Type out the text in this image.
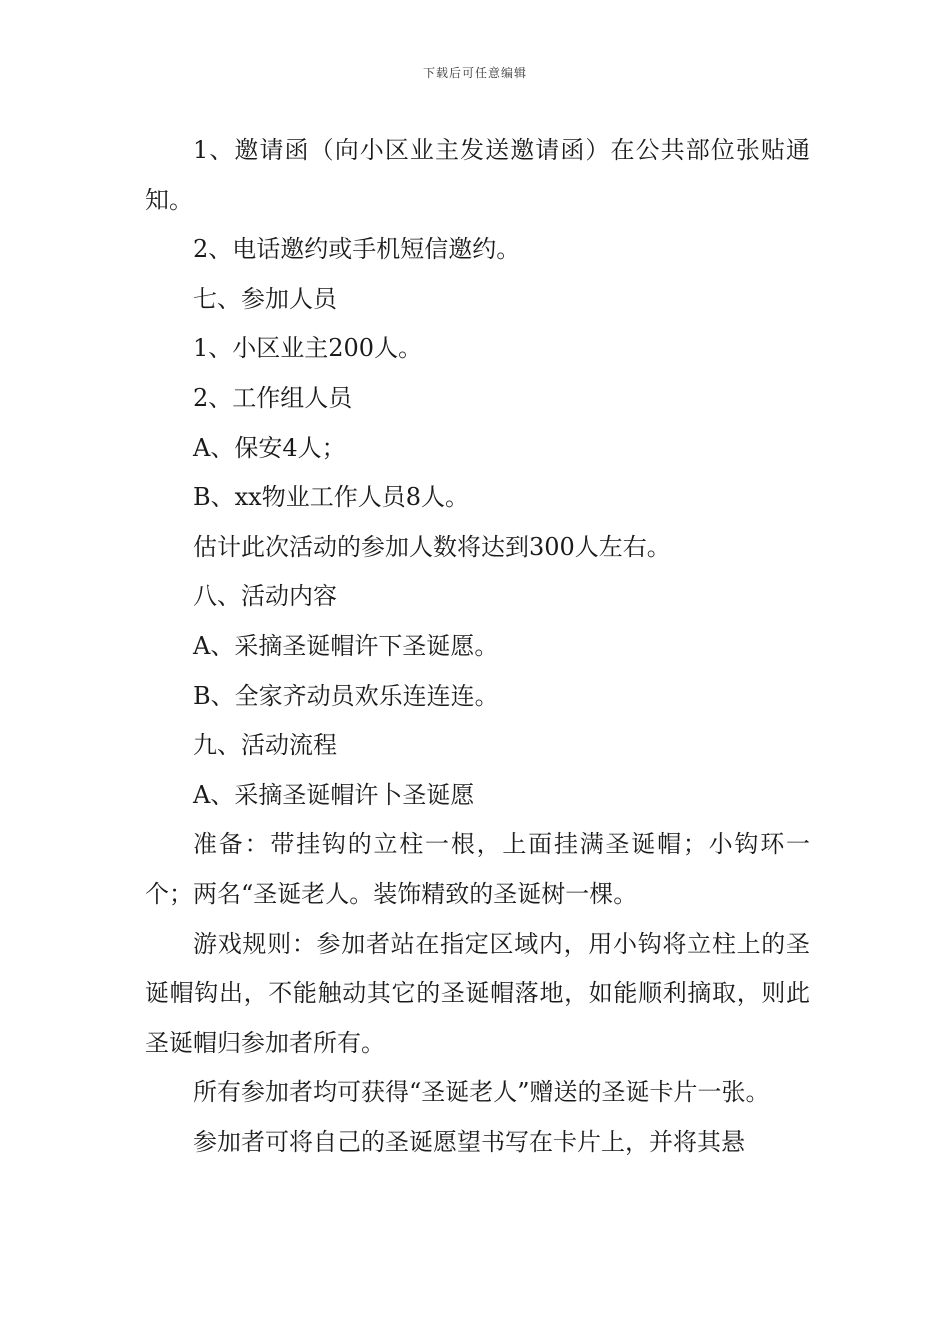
下载后可任意编辑

1、邀请函（向小区业主发送邀请函）在公共部位张贴通知。

2、电话邀约或手机短信邀约。

七、参加人员

1、小区业主200人。

2、工作组人员

A、保安4人；

B、xx物业工作人员8人。

估计此次活动的参加人数将达到300人左右。

八、活动内容

A、采摘圣诞帽许下圣诞愿。

B、全家齐动员欢乐连连连。

九、活动流程

A、采摘圣诞帽许卜圣诞愿

准备：带挂钩的立柱一根，上面挂满圣诞帽；小钩环一个；两名“圣诞老人。装饰精致的圣诞树一棵。

游戏规则：参加者站在指定区域内，用小钩将立柱上的圣诞帽钩出，不能触动其它的圣诞帽落地，如能顺利摘取，则此圣诞帽归参加者所有。

所有参加者均可获得“圣诞老人”赠送的圣诞卡片一张。

参加者可将自己的圣诞愿望书写在卡片上，并将其悬
